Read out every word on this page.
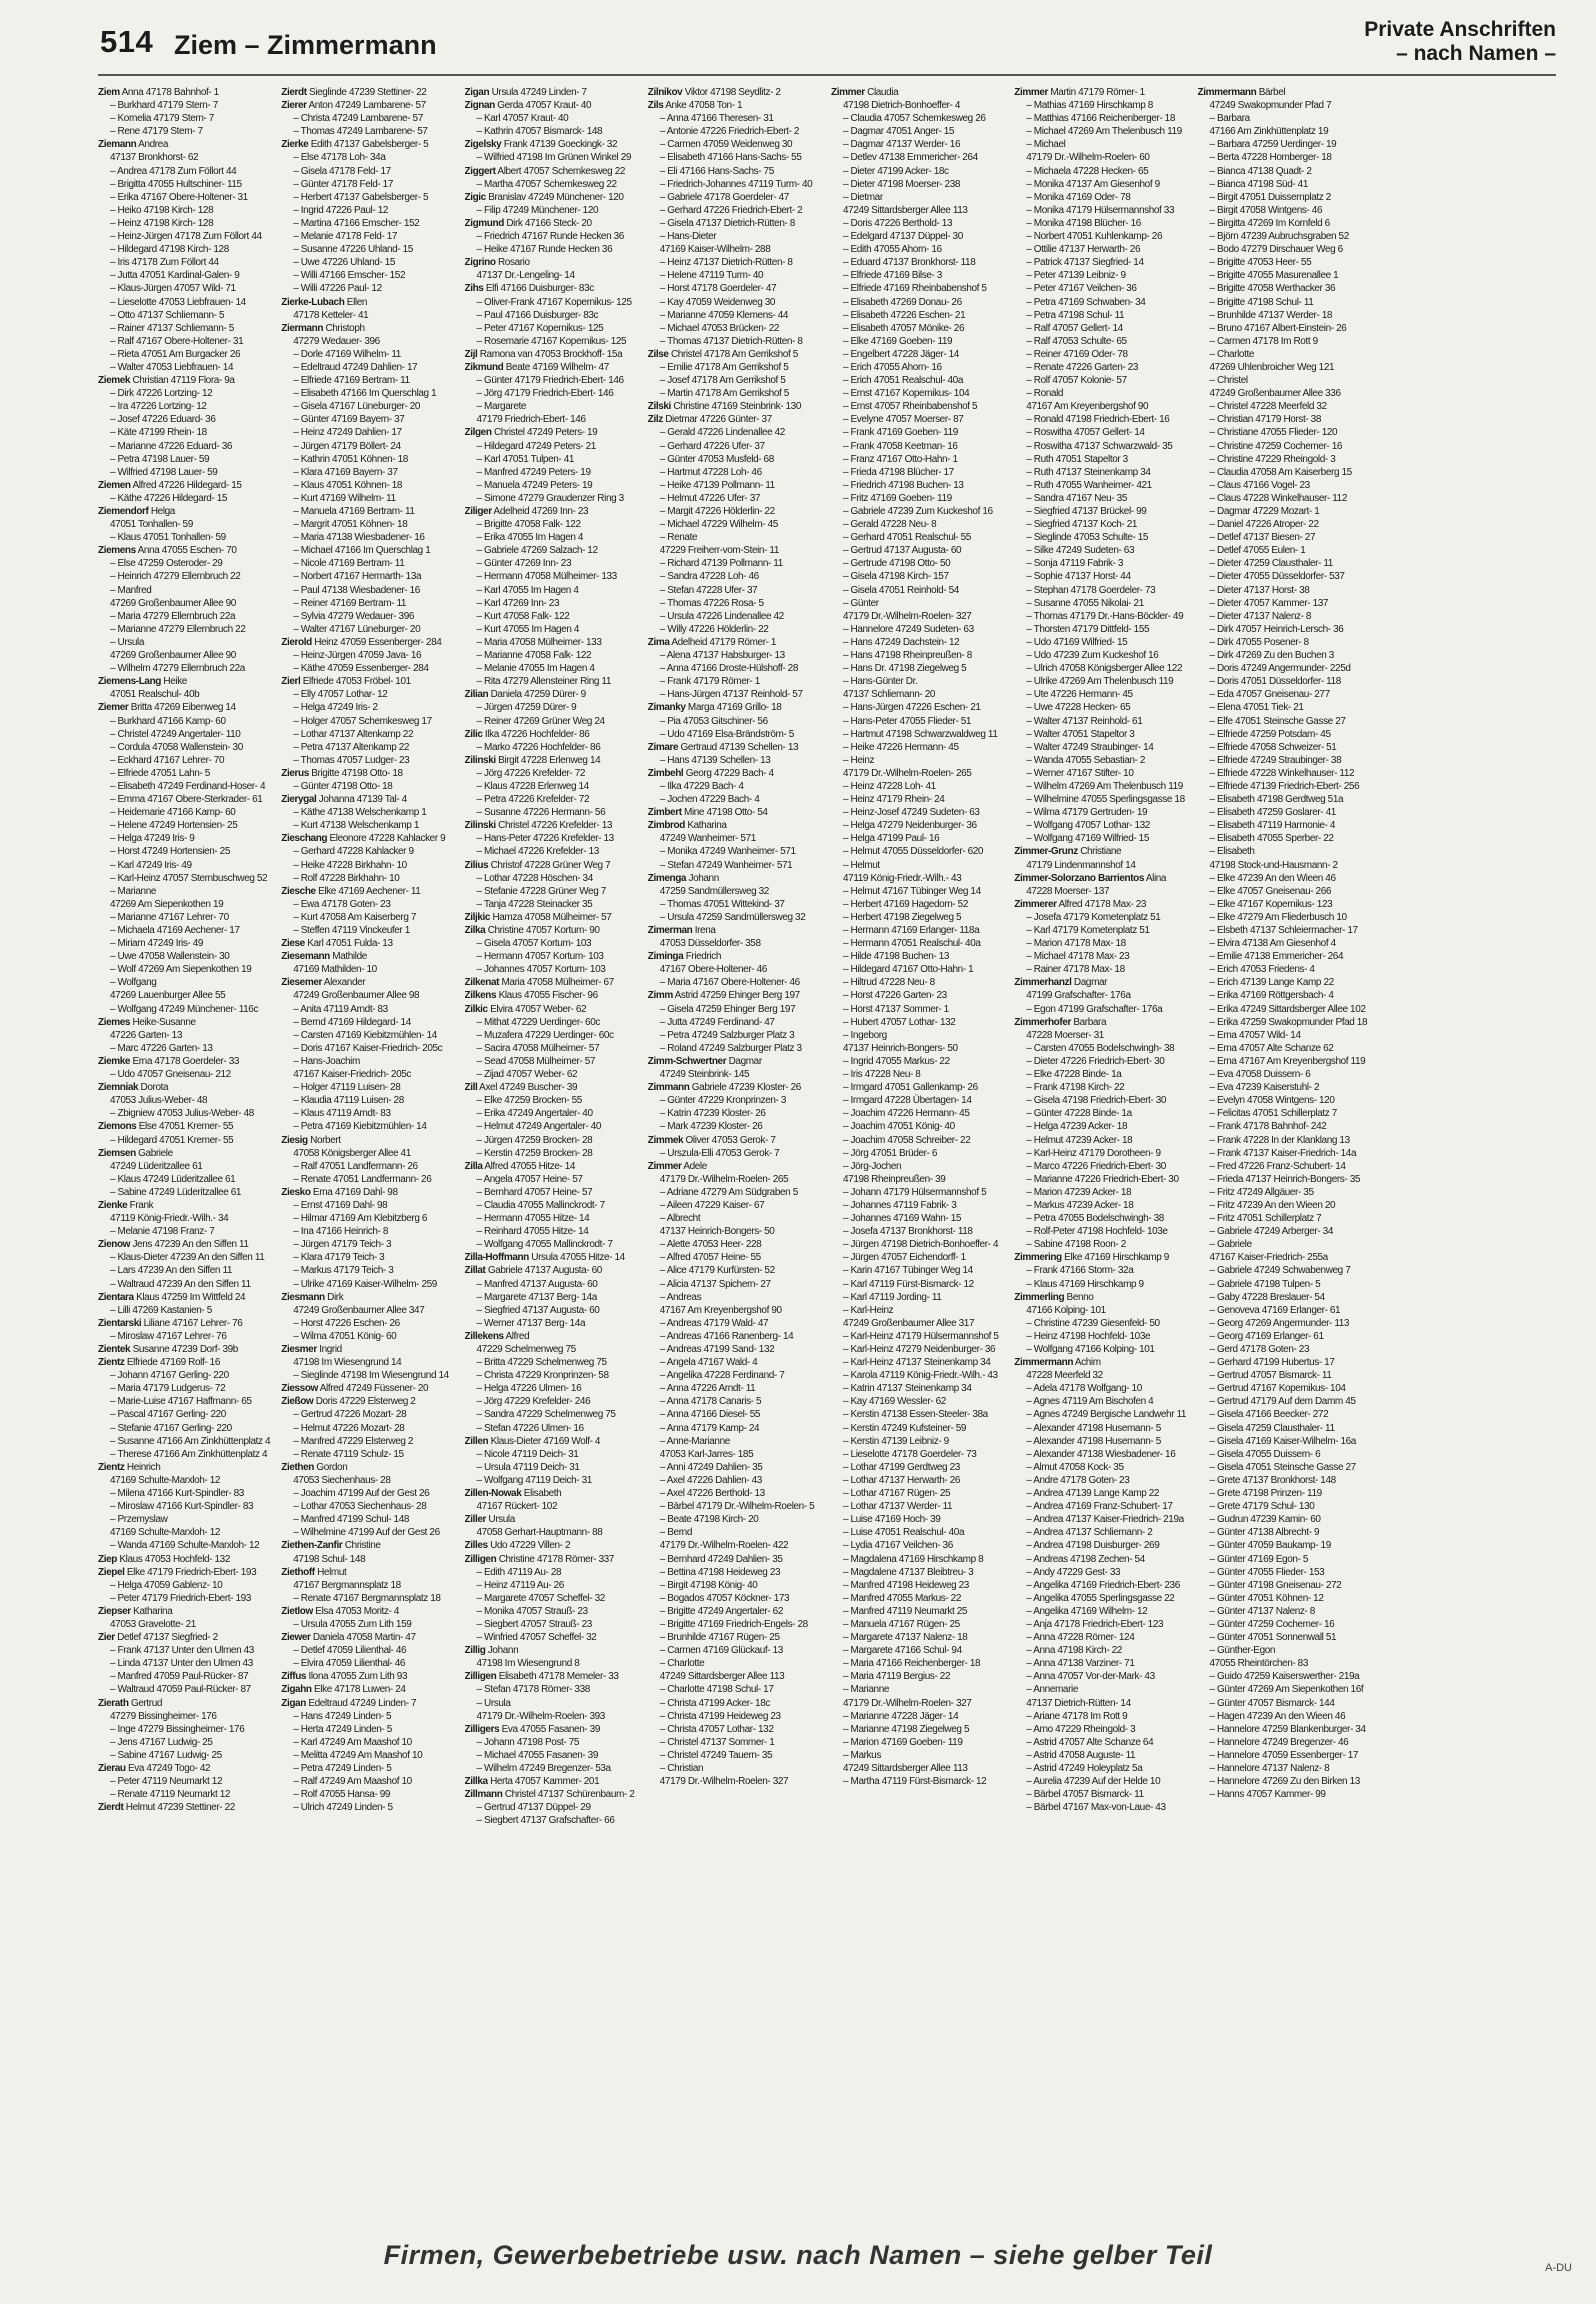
514 Ziem – Zimmermann
Private Anschriften
– nach Namen –
Ziem Anna 47178 Bahnhof- 1
– Burkhard 47179 Stern- 7
– Kornelia 47179 Stern- 7
– Rene 47179 Stern- 7
Ziemann Andrea
47137 Bronkhorst- 62
– Andrea 47178 Zum Föllort 44
– Brigitta 47055 Hultschiner- 115
– Erika 47167 Obere-Holtener- 31
– Heiko 47198 Kirch- 128
– Heinz 47198 Kirch- 128
– Heinz-Jürgen 47178 Zum Föllort 44
– Hildegard 47198 Kirch- 128
– Iris 47178 Zum Föllort 44
– Jutta 47051 Kardinal-Galen- 9
– Klaus-Jürgen 47057 Wild- 71
– Lieselotte 47053 Liebfrauen- 14
– Otto 47137 Schliemann- 5
– Rainer 47137 Schliemann- 5
– Ralf 47167 Obere-Holtener- 31
– Rieta 47051 Am Burgacker 26
– Walter 47053 Liebfrauen- 14
Ziemek Christian 47119 Flora- 9a
– Dirk 47226 Lortzing- 12
– Ira 47226 Lortzing- 12
– Josef 47226 Eduard- 36
– Käte 47199 Rhein- 18
– Marianne 47226 Eduard- 36
– Petra 47198 Lauer- 59
– Wilfried 47198 Lauer- 59
Ziemen Alfred 47226 Hildegard- 15
– Käthe 47226 Hildegard- 15
Ziemendorf Helga
47051 Tonhallen- 59
– Klaus 47051 Tonhallen- 59
Ziemens Anna 47055 Eschen- 70
– Else 47259 Osteroder- 29
– Heinrich 47279 Ellernbruch 22
– Manfred
47269 Großenbaumer Allee 90
– Maria 47279 Ellernbruch 22a
– Marianne 47279 Ellernbruch 22
– Ursula
47269 Großenbaumer Allee 90
– Wilhelm 47279 Ellernbruch 22a
Ziemens-Lang Heike
47051 Realschul- 40b
Ziemer Britta 47269 Eibenweg 14
– Burkhard 47166 Kamp- 60
– Christel 47249 Angertaler- 110
– Cordula 47058 Wallenstein- 30
– Eckhard 47167 Lehrer- 70
– Elfriede 47051 Lahn- 5
– Elisabeth 47249 Ferdinand-Hoser- 4
– Emma 47167 Obere-Sterkrader- 61
– Heidemarie 47166 Kamp- 60
– Helene 47249 Hortensien- 25
– Helga 47249 Iris- 9
– Horst 47249 Hortensien- 25
– Karl 47249 Iris- 49
– Karl-Heinz 47057 Sternbuschweg 52
– Marianne
47269 Am Siepenkothen 19
– Marianne 47167 Lehrer- 70
– Michaela 47169 Aechener- 17
– Miriam 47249 Iris- 49
– Uwe 47058 Wallenstein- 30
– Wolf 47269 Am Siepenkothen 19
– Wolfgang
47269 Lauenburger Allee 55
– Wolfgang 47249 Münchener- 116c
Ziemes Heike-Susanne
47226 Garten- 13
– Marc 47226 Garten- 13
Ziemke Erna 47178 Goerdeler- 33
– Udo 47057 Gneisenau- 212
Ziemniak Dorota
47053 Julius-Weber- 48
– Zbigniew 47053 Julius-Weber- 48
Ziemons Else 47051 Kremer- 55
– Hildegard 47051 Kremer- 55
Ziemsen Gabriele
47249 Lüderitzallee 61
– Klaus 47249 Lüderitzallee 61
– Sabine 47249 Lüderitzallee 61
Zienke Frank
47119 König-Friedr.-Wilh.- 34
– Melanie 47198 Franz- 7
Zienow Jens 47239 An den Siffen 11
– Klaus-Dieter 47239 An den Siffen 11
– Lars 47239 An den Siffen 11
– Waltraud 47239 An den Siffen 11
Zientara Klaus 47259 Im Wittfeld 24
– Lilli 47269 Kastanien- 5
Zientarski Liliane 47167 Lehrer- 76
– Miroslaw 47167 Lehrer- 76
Zientek Susanne 47239 Dorf- 39b
Zientz Elfriede 47169 Rolf- 16
– Johann 47167 Gerling- 220
– Maria 47179 Ludgerus- 72
– Marie-Luise 47167 Haffmann- 65
– Pascal 47167 Gerling- 220
– Stefanie 47167 Gerling- 220
– Susanne 47166 Am Zinkhüttenplatz 4
– Therese 47166 Am Zinkhüttenplatz 4
Zientz Heinrich
47169 Schulte-Marxloh- 12
– Milena 47166 Kurt-Spindler- 83
– Miroslaw 47166 Kurt-Spindler- 83
– Przemyslaw
47169 Schulte-Marxloh- 12
– Wanda 47169 Schulte-Marxloh- 12
Ziep Klaus 47053 Hochfeld- 132
Ziepel Elke 47179 Friedrich-Ebert- 193
– Helga 47059 Gablenz- 10
– Peter 47179 Friedrich-Ebert- 193
Ziepser Katharina
47053 Gravelotte- 21
Zier Detlef 47137 Siegfried- 2
– Frank 47137 Unter den Ulmen 43
– Linda 47137 Unter den Ulmen 43
– Manfred 47059 Paul-Rücker- 87
– Waltraud 47059 Paul-Rücker- 87
Zierath Gertrud
47279 Bissingheimer- 176
– Inge 47279 Bissingheimer- 176
– Jens 47167 Ludwig- 25
– Sabine 47167 Ludwig- 25
Zierau Eva 47249 Togo- 42
– Peter 47119 Neumarkt 12
– Renate 47119 Neumarkt 12
Zierdt Helmut 47239 Stettiner- 22
Zierdt Sieglinde 47239 Stettiner- 22
Zierer Anton 47249 Lambarene- 57
– Christa 47249 Lambarene- 57
– Thomas 47249 Lambarene- 57
Zierke Edith 47137 Gabelsberger- 5
– Else 47178 Loh- 34a
– Gisela 47178 Feld- 17
– Günter 47178 Feld- 17
– Herbert 47137 Gabelsberger- 5
– Ingrid 47226 Paul- 12
– Martina 47166 Emscher- 152
– Melanie 47178 Feld- 17
– Susanne 47226 Uhland- 15
– Uwe 47226 Uhland- 15
– Willi 47166 Emscher- 152
– Willi 47226 Paul- 12
Zierke-Lubach Ellen
47178 Ketteler- 41
Ziermann Christoph
47279 Wedauer- 396
– Dorle 47169 Wilhelm- 11
– Edeltraud 47249 Dahlien- 17
– Elfriede 47169 Bertram- 11
– Elisabeth 47166 Im Querschlag 1
– Gisela 47167 Lüneburger- 20
– Günter 47169 Bayern- 37
– Heinz 47249 Dahlien- 17
– Jürgen 47179 Böllert- 24
– Kathrin 47051 Köhnen- 18
– Klara 47169 Bayern- 37
– Klaus 47051 Köhnen- 18
– Kurt 47169 Wilhelm- 11
– Manuela 47169 Bertram- 11
– Margrit 47051 Köhnen- 18
– Maria 47138 Wiesbadener- 16
– Michael 47166 Im Querschlag 1
– Nicole 47169 Bertram- 11
– Norbert 47167 Hermarth- 13a
– Paul 47138 Wiesbadener- 16
– Reiner 47169 Bertram- 11
– Sylvia 47279 Wedauer- 396
– Walter 47167 Lüneburger- 20
Zierold Heinz 47059 Essenberger- 284
– Heinz-Jürgen 47059 Java- 16
– Käthe 47059 Essenberger- 284
Zierl Elfriede 47053 Fröbel- 101
– Elly 47057 Lothar- 12
– Helga 47249 Iris- 2
– Holger 47057 Schemkesweg 17
– Lothar 47137 Altenkamp 22
– Petra 47137 Altenkamp 22
– Thomas 47057 Ludger- 23
Zierus Brigitte 47198 Otto- 18
– Günter 47198 Otto- 18
Zierygal Johanna 47139 Tal- 4
– Käthe 47138 Welschenkamp 1
– Kurt 47138 Welschenkamp 1
Zieschang Eleonore 47228 Kahlacker 9
– Gerhard 47228 Kahlacker 9
– Heike 47228 Birkhahn- 10
– Rolf 47228 Birkhahn- 10
Ziesche Elke 47169 Aechener- 11
– Ewa 47178 Goten- 23
– Kurt 47058 Am Kaiserberg 7
– Steffen 47119 Vinckeufer 1
Ziese Karl 47051 Fulda- 13
Ziesemann Mathilde
47169 Mathilden- 10
Ziesemer Alexander
47249 Großenbaumer Allee 98
– Anita 47119 Arndt- 83
– Bernd 47169 Hildegard- 14
– Carsten 47169 Kiebitzmühlen- 14
– Doris 47167 Kaiser-Friedrich- 205c
– Hans-Joachim
47167 Kaiser-Friedrich- 205c
– Holger 47119 Luisen- 28
– Klaudia 47119 Luisen- 28
– Klaus 47119 Arndt- 83
– Petra 47169 Kiebitzmühlen- 14
Ziesig Norbert
47058 Königsberger Allee 41
– Ralf 47051 Landfermann- 26
– Renate 47051 Landfermann- 26
Ziesko Erna 47169 Dahl- 98
– Ernst 47169 Dahl- 98
– Hilmar 47169 Am Klebitzberg 6
– Ina 47166 Heinrich- 8
– Jürgen 47179 Teich- 3
– Klara 47179 Teich- 3
– Markus 47179 Teich- 3
– Ulrike 47169 Kaiser-Wilhelm- 259
Ziesmann Dirk
47249 Großenbaumer Allee 347
– Horst 47226 Eschen- 26
– Wilma 47051 König- 60
Ziesmer Ingrid
47198 Im Wiesengrund 14
– Sieglinde 47198 Im Wiesengrund 14
Ziessow Alfred 47249 Füssener- 20
Zießow Doris 47229 Elsterweg 2
– Gertrud 47226 Mozart- 28
– Helmut 47226 Mozart- 28
– Manfred 47229 Elsterweg 2
– Renate 47119 Schulz- 15
Ziethen Gordon
47053 Siechenhaus- 28
– Joachim 47199 Auf der Gest 26
– Lothar 47053 Siechenhaus- 28
– Manfred 47199 Schul- 148
– Wilhelmine 47199 Auf der Gest 26
Ziethen-Zanfir Christine
47198 Schul- 148
Ziethoff Helmut
47167 Bergmannsplatz 18
– Renate 47167 Bergmannsplatz 18
Zietlow Elsa 47053 Moritz- 4
– Ursula 47055 Zum Lith 159
Ziewer Daniela 47058 Martin- 47
– Detlef 47059 Lilienthal- 46
– Elvira 47059 Lilienthal- 46
Ziffus Ilona 47055 Zum Lith 93
Zigahn Elke 47178 Luwen- 24
Zigan Edeltraud 47249 Linden- 7
– Hans 47249 Linden- 5
– Herta 47249 Linden- 5
– Karl 47249 Am Maashof 10
– Melitta 47249 Am Maashof 10
– Petra 47249 Linden- 5
– Ralf 47249 Am Maashof 10
– Rolf 47055 Hansa- 99
– Ulrich 47249 Linden- 5
Zigan Ursula 47249 Linden- 7
Zignan Gerda 47057 Kraut- 40
– Karl 47057 Kraut- 40
– Kathrin 47057 Bismarck- 148
Zigelsky Frank 47139 Goeckingk- 32
– Wilfried 47198 Im Grünen Winkel 29
Ziggert Albert 47057 Schemkesweg 22
– Martha 47057 Schemkesweg 22
Zigic Branislav 47249 Münchener- 120
– Filip 47249 Münchener- 120
Zigmund Dirk 47166 Steck- 20
– Friedrich 47167 Runde Hecken 36
– Heike 47167 Runde Hecken 36
Zigrino Rosario
47137 Dr.-Lengeling- 14
Zihs Elfi 47166 Duisburger- 83c
– Oliver-Frank 47167 Kopernikus- 125
– Paul 47166 Duisburger- 83c
– Peter 47167 Kopernikus- 125
– Rosemarie 47167 Kopernikus- 125
Zijl Ramona van 47053 Brockhoff- 15a
Zikmund Beate 47169 Wilhelm- 47
– Günter 47179 Friedrich-Ebert- 146
– Jörg 47179 Friedrich-Ebert- 146
– Margarete
47179 Friedrich-Ebert- 146
Zilgen Christel 47249 Peters- 19
– Hildegard 47249 Peters- 21
– Karl 47051 Tulpen- 41
– Manfred 47249 Peters- 19
– Manuela 47249 Peters- 19
– Simone 47279 Graudenzer Ring 3
Ziliger Adelheid 47269 Inn- 23
– Brigitte 47058 Falk- 122
– Erika 47055 Im Hagen 4
– Gabriele 47269 Salzach- 12
– Günter 47269 Inn- 23
– Hermann 47058 Mülheimer- 133
– Karl 47055 Im Hagen 4
– Karl 47269 Inn- 23
– Kurt 47058 Falk- 122
– Kurt 47055 Im Hagen 4
– Maria 47058 Mülheimer- 133
– Marianne 47058 Falk- 122
– Melanie 47055 Im Hagen 4
– Rita 47279 Allensteiner Ring 11
Zilian Daniela 47259 Dürer- 9
– Jürgen 47259 Dürer- 9
– Reiner 47269 Grüner Weg 24
Zilic Ilka 47226 Hochfelder- 86
– Marko 47226 Hochfelder- 86
Zilinski Birgit 47228 Erlenweg 14
– Jörg 47226 Krefelder- 72
– Klaus 47228 Erlenweg 14
– Petra 47226 Krefelder- 72
– Susanne 47226 Hermann- 56
Zilinski Christel 47226 Krefelder- 13
– Hans-Peter 47226 Krefelder- 13
– Michael 47226 Krefelder- 13
Zilius Christof 47228 Grüner Weg 7
– Lothar 47228 Höschen- 34
– Stefanie 47228 Grüner Weg 7
– Tanja 47228 Steinacker 35
Ziljkic Hamza 47058 Mülheimer- 57
Zilka Christine 47057 Kortum- 90
– Gisela 47057 Kortum- 103
– Hermann 47057 Kortum- 103
– Johannes 47057 Kortum- 103
Zilkenat Maria 47058 Mülheimer- 67
Zilkens Klaus 47055 Fischer- 96
Zilkic Elvira 47057 Weber- 62
– Mithat 47229 Uerdinger- 60c
– Muzafera 47229 Uerdinger- 60c
– Sacira 47058 Mülheimer- 57
– Sead 47058 Mülheimer- 57
– Zijad 47057 Weber- 62
Zill Axel 47249 Buscher- 39
– Elke 47259 Brocken- 55
– Erika 47249 Angertaler- 40
– Helmut 47249 Angertaler- 40
– Jürgen 47259 Brocken- 28
– Kerstin 47259 Brocken- 28
Zilla Alfred 47055 Hitze- 14
– Angela 47057 Heine- 57
– Bernhard 47057 Heine- 57
– Claudia 47055 Mallinckrodt- 7
– Hermann 47055 Hitze- 14
– Reinhard 47055 Hitze- 14
– Wolfgang 47055 Mallinckrodt- 7
Zilla-Hoffmann Ursula 47055 Hitze- 14
Zillat Gabriele 47137 Augusta- 60
– Manfred 47137 Augusta- 60
– Margarete 47137 Berg- 14a
– Siegfried 47137 Augusta- 60
– Werner 47137 Berg- 14a
Zillekens Alfred
47229 Schelmenweg 75
– Britta 47229 Schelmenweg 75
– Christa 47229 Kronprinzen- 58
– Helga 47226 Ulmen- 16
– Jörg 47229 Krefelder- 246
– Sandra 47229 Schelmenweg 75
– Stefan 47226 Ulmen- 16
Zillen Klaus-Dieter 47169 Wolf- 4
– Nicole 47119 Deich- 31
– Ursula 47119 Deich- 31
– Wolfgang 47119 Deich- 31
Zillen-Nowak Elisabeth
47167 Rückert- 102
Ziller Ursula
47058 Gerhart-Hauptmann- 88
Zilles Udo 47229 Villen- 2
Zilligen Christine 47178 Römer- 337
– Edith 47119 Au- 28
– Heinz 47119 Au- 26
– Margarete 47057 Scheffel- 32
– Monika 47057 Strauß- 23
– Siegbert 47057 Strauß- 23
– Winfried 47057 Scheffel- 32
Zillig Johann
47198 Im Wiesengrund 8
Zilligen Elisabeth 47178 Memeler- 33
– Stefan 47178 Römer- 338
– Ursula
47179 Dr.-Wilhelm-Roelen- 393
Zilligers Eva 47055 Fasanen- 39
– Johann 47198 Post- 75
– Michael 47055 Fasanen- 39
– Wilhelm 47249 Bregenzer- 53a
Zillka Herta 47057 Kammer- 201
Zillmann Christel 47137 Schürenbaum- 2
– Gertrud 47137 Düppel- 29
– Siegbert 47137 Grafschafter- 66
Zilnikov Viktor 47198 Seydlitz- 2
Zils Anke 47058 Ton- 1
– Anna 47166 Theresen- 31
– Antonie 47226 Friedrich-Ebert- 2
– Carmen 47059 Weidenweg 30
– Elisabeth 47166 Hans-Sachs- 55
– Eli 47166 Hans-Sachs- 75
– Friedrich-Johannes 47119 Turm- 40
– Gabriele 47178 Goerdeler- 47
– Gerhard 47226 Friedrich-Ebert- 2
– Gisela 47137 Dietrich-Rütten- 8
– Hans-Dieter
47169 Kaiser-Wilhelm- 288
– Heinz 47137 Dietrich-Rütten- 8
– Helene 47119 Turm- 40
– Horst 47178 Goerdeler- 47
– Kay 47059 Weidenweg 30
– Marianne 47059 Klemens- 44
– Michael 47053 Brücken- 22
– Thomas 47137 Dietrich-Rütten- 8
Zilse Christel 47178 Am Gerrikshof 5
– Emilie 47178 Am Gerrikshof 5
– Josef 47178 Am Gerrikshof 5
– Martin 47178 Am Gerrikshof 5
Zilski Christine 47169 Steinbrink- 130
Zilz Dietmar 47226 Günter- 37
– Gerald 47226 Lindenallee 42
– Gerhard 47226 Ufer- 37
– Günter 47053 Musfeld- 68
– Hartmut 47228 Loh- 46
– Heike 47139 Pollmann- 11
– Helmut 47226 Ufer- 37
– Margit 47226 Hölderlin- 22
– Michael 47229 Wilhelm- 45
– Renate
47229 Freiherr-vom-Stein- 11
– Richard 47139 Pollmann- 11
– Sandra 47228 Loh- 46
– Stefan 47228 Ufer- 37
– Thomas 47226 Rosa- 5
– Ursula 47226 Lindenallee 42
– Willy 47226 Hölderlin- 22
Zima Adelheid 47179 Römer- 1
– Alena 47137 Habsburger- 13
– Anna 47166 Droste-Hülshoff- 28
– Frank 47179 Römer- 1
– Hans-Jürgen 47137 Reinhold- 57
Zimanky Marga 47169 Grillo- 18
– Pia 47053 Gitschiner- 56
– Udo 47169 Elsa-Brändström- 5
Zimare Gertraud 47139 Schellen- 13
– Hans 47139 Schellen- 13
Zimbehl Georg 47229 Bach- 4
– Ilka 47229 Bach- 4
– Jochen 47229 Bach- 4
Zimbert Mine 47198 Otto- 54
Zimbrod Katharina
47249 Wanheimer- 571
– Monika 47249 Wanheimer- 571
– Stefan 47249 Wanheimer- 571
Zimenga Johann
47259 Sandmüllersweg 32
– Thomas 47051 Wittekind- 37
– Ursula 47259 Sandmüllersweg 32
Zimerman Irena
47053 Düsseldorfer- 358
Ziminga Friedrich
47167 Obere-Holtener- 46
– Maria 47167 Obere-Holtener- 46
Zimm Astrid 47259 Ehinger Berg 197
– Gisela 47259 Ehinger Berg 197
– Jutta 47249 Ferdinand- 47
– Petra 47249 Salzburger Platz 3
– Roland 47249 Salzburger Platz 3
Zimm-Schwertner Dagmar
47249 Steinbrink- 145
Zimmann Gabriele 47239 Kloster- 26
– Günter 47229 Kronprinzen- 3
– Katrin 47239 Kloster- 26
– Mark 47239 Kloster- 26
Zimmek Oliver 47053 Gerok- 7
– Urszula-Elli 47053 Gerok- 7
Zimmer Adele
47179 Dr.-Wilhelm-Roelen- 265
– Adriane 47279 Am Südgraben 5
– Aileen 47229 Kaiser- 67
– Albrecht
47137 Heinrich-Bongers- 50
– Alette 47053 Heer- 228
– Alfred 47057 Heine- 55
– Alice 47179 Kurfürsten- 52
– Alicia 47137 Spichern- 27
– Andreas
47167 Am Kreyenbergshof 90
– Andreas 47179 Wald- 47
– Andreas 47166 Ranenberg- 14
– Andreas 47199 Sand- 132
– Angela 47167 Wald- 4
– Angelika 47228 Ferdinand- 7
– Anna 47226 Arndt- 11
– Anna 47178 Canaris- 5
– Anna 47166 Diesel- 55
– Anna 47179 Kamp- 24
– Anne-Marianne
47053 Karl-Jarres- 185
– Anni 47249 Dahlien- 35
– Axel 47226 Dahlien- 43
– Axel 47226 Berthold- 13
– Bärbel 47179 Dr.-Wilhelm-Roelen- 5
– Beate 47198 Kirch- 20
– Bernd
47179 Dr.-Wilhelm-Roelen- 422
– Bernhard 47249 Dahlien- 35
– Bettina 47198 Heideweg 23
– Birgit 47198 König- 40
– Bogados 47057 Köckner- 173
– Brigitte 47249 Angertaler- 62
– Brigitte 47169 Friedrich-Engels- 28
– Brunhilde 47167 Rügen- 25
– Carmen 47169 Glückauf- 13
– Charlotte
47249 Sittardsberger Allee 113
– Charlotte 47198 Schul- 17
– Christa 47199 Acker- 18c
– Christa 47199 Heideweg 23
– Christa 47057 Lothar- 132
– Christel 47137 Sommer- 1
– Christel 47249 Tauern- 35
– Christian
47179 Dr.-Wilhelm-Roelen- 327
Zimmer Claudia
47198 Dietrich-Bonhoeffer- 4
– Claudia 47057 Schemkesweg 26
– Dagmar 47051 Anger- 15
– Dagmar 47137 Werder- 16
– Detlev 47138 Emmericher- 264
– Dieter 47199 Acker- 18c
– Dieter 47198 Moerser- 238
– Dietmar
47249 Sittardsberger Allee 113
– Doris 47226 Berthold- 13
– Edelgard 47137 Düppel- 30
– Edith 47055 Ahorn- 16
– Eduard 47137 Bronkhorst- 118
– Elfriede 47169 Bilse- 3
– Elfriede 47169 Rheinbabenshof 5
– Elisabeth 47269 Donau- 26
– Elisabeth 47226 Eschen- 21
– Elisabeth 47057 Mönike- 26
– Elke 47169 Goeben- 119
– Engelbert 47228 Jäger- 14
– Erich 47055 Ahorn- 16
– Erich 47051 Realschul- 40a
– Ernst 47167 Kopernikus- 104
– Ernst 47057 Rheinbabenshof 5
– Evelyne 47057 Moerser- 87
– Frank 47169 Goeben- 119
– Frank 47058 Keetman- 16
– Franz 47167 Otto-Hahn- 1
– Frieda 47198 Blücher- 17
– Friedrich 47198 Buchen- 13
– Fritz 47169 Goeben- 119
– Gabriele 47239 Zum Kuckeshof 16
– Gerald 47228 Neu- 8
– Gerhard 47051 Realschul- 55
– Gertrud 47137 Augusta- 60
– Gertrude 47198 Otto- 50
– Gisela 47198 Kirch- 157
– Gisela 47051 Reinhold- 54
– Günter
47179 Dr.-Wilhelm-Roelen- 327
– Hannelore 47249 Sudeten- 63
– Hans 47249 Dachstein- 12
– Hans 47198 Rheinpreußen- 8
– Hans Dr. 47198 Ziegelweg 5
– Hans-Günter Dr.
47137 Schliemann- 20
– Hans-Jürgen 47226 Eschen- 21
– Hans-Peter 47055 Flieder- 51
– Hartmut 47198 Schwarzwaldweg 11
– Heike 47226 Hermann- 45
– Heinz
47179 Dr.-Wilhelm-Roelen- 265
– Heinz 47228 Loh- 41
– Heinz 47179 Rhein- 24
– Heinz-Josef 47249 Sudeten- 63
– Helga 47279 Neidenburger- 36
– Helga 47199 Paul- 16
– Helmut 47055 Düsseldorfer- 620
– Helmut
47119 König-Friedr.-Wilh.- 43
– Helmut 47167 Tübinger Weg 14
– Herbert 47169 Hagedorn- 52
– Herbert 47198 Ziegelweg 5
– Hermann 47169 Erlanger- 118a
– Hermann 47051 Realschul- 40a
– Hilde 47198 Buchen- 13
– Hildegard 47167 Otto-Hahn- 1
– Hiltrud 47228 Neu- 8
– Horst 47226 Garten- 23
– Horst 47137 Sommer- 1
– Hubert 47057 Lothar- 132
– Ingeborg
47137 Heinrich-Bongers- 50
– Ingrid 47055 Markus- 22
– Iris 47228 Neu- 8
– Irmgard 47051 Gallenkamp- 26
– Irmgard 47228 Übertagen- 14
– Joachim 47226 Hermann- 45
– Joachim 47051 König- 40
– Joachim 47058 Schreiber- 22
– Jörg 47051 Brüder- 6
– Jörg-Jochen
47198 Rheinpreußen- 39
– Johann 47179 Hülsermannshof 5
– Johannes 47119 Fabrik- 3
– Johannes 47169 Wahn- 15
– Josefa 47137 Bronkhorst- 118
– Jürgen 47198 Dietrich-Bonhoeffer- 4
– Jürgen 47057 Eichendorff- 1
– Karin 47167 Tübinger Weg 14
– Karl 47119 Fürst-Bismarck- 12
– Karl 47119 Jording- 11
– Karl-Heinz
47249 Großenbaumer Allee 317
– Karl-Heinz 47179 Hülsermannshof 5
– Karl-Heinz 47279 Neidenburger- 36
– Karl-Heinz 47137 Steinenkamp 34
– Karola 47119 König-Friedr.-Wilh.- 43
– Katrin 47137 Steinenkamp 34
– Kay 47169 Wessler- 62
– Kerstin 47138 Essen-Steeler- 38a
– Kerstin 47249 Kufsteiner- 59
– Kerstin 47139 Leibniz- 9
– Lieselotte 47178 Goerdeler- 73
– Lothar 47199 Gerdtweg 23
– Lothar 47137 Herwarth- 26
– Lothar 47167 Rügen- 25
– Lothar 47137 Werder- 11
– Luise 47169 Hoch- 39
– Luise 47051 Realschul- 40a
– Lydia 47167 Veilchen- 36
– Magdalena 47169 Hirschkamp 8
– Magdalene 47137 Bleibtreu- 3
– Manfred 47198 Heideweg 23
– Manfred 47055 Markus- 22
– Manfred 47119 Neumarkt 25
– Manuela 47167 Rügen- 25
– Margarete 47137 Nalenz- 18
– Margarete 47166 Schul- 94
– Maria 47166 Reichenberger- 18
– Maria 47119 Bergius- 22
– Marianne
47179 Dr.-Wilhelm-Roelen- 327
– Marianne 47228 Jäger- 14
– Marianne 47198 Ziegelweg 5
– Marion 47169 Goeben- 119
– Markus
47249 Sittardsberger Allee 113
– Martha 47119 Fürst-Bismarck- 12
Zimmer Martin 47179 Römer- 1
– Mathias 47169 Hirschkamp 8
– Matthias 47166 Reichenberger- 18
– Michael 47269 Am Thelenbusch 119
– Michael
47179 Dr.-Wilhelm-Roelen- 60
– Michaela 47228 Hecken- 65
– Monika 47137 Am Giesenhof 9
– Monika 47169 Oder- 78
– Monika 47179 Hülsermannshof 33
– Monika 47198 Blücher- 16
– Norbert 47051 Kuhlenkamp- 26
– Ottilie 47137 Herwarth- 26
– Patrick 47137 Siegfried- 14
– Peter 47139 Leibniz- 9
– Peter 47167 Veilchen- 36
– Petra 47169 Schwaben- 34
– Petra 47198 Schul- 11
– Ralf 47057 Gellert- 14
– Ralf 47053 Schulte- 65
– Reiner 47169 Oder- 78
– Renate 47226 Garten- 23
– Rolf 47057 Kolonie- 57
– Ronald
47167 Am Kreyenbergshof 90
– Ronald 47198 Friedrich-Ebert- 16
– Roswitha 47057 Gellert- 14
– Roswitha 47137 Schwarzwald- 35
– Ruth 47051 Stapeltor 3
– Ruth 47137 Steinenkamp 34
– Ruth 47055 Wanheimer- 421
– Sandra 47167 Neu- 35
– Siegfried 47137 Brückel- 99
– Siegfried 47137 Koch- 21
– Sieglinde 47053 Schulte- 15
– Silke 47249 Sudeten- 63
– Sonja 47119 Fabrik- 3
– Sophie 47137 Horst- 44
– Stephan 47178 Goerdeler- 73
– Susanne 47055 Nikolai- 21
– Thomas 47179 Dr.-Hans-Böckler- 49
– Thorsten 47179 Dittfeld- 155
– Udo 47169 Wilfried- 15
– Udo 47239 Zum Kuckeshof 16
– Ulrich 47058 Königsberger Allee 122
– Ulrike 47269 Am Thelenbusch 119
– Ute 47226 Hermann- 45
– Uwe 47228 Hecken- 65
– Walter 47137 Reinhold- 61
– Walter 47051 Stapeltor 3
– Walter 47249 Straubinger- 14
– Wanda 47055 Sebastian- 2
– Werner 47167 Stifter- 10
– Wilhelm 47269 Am Thelenbusch 119
– Wilhelmine 47055 Sperlingsgasse 18
– Wilma 47179 Gertruden- 19
– Wolfgang 47057 Lothar- 132
– Wolfgang 47169 Wilfried- 15
Zimmer-Grunz Christiane
47179 Lindenmannshof 14
Zimmer-Solorzano Barrientos Alina
47228 Moerser- 137
Zimmerer Alfred 47178 Max- 23
– Josefa 47179 Kometenplatz 51
– Karl 47179 Kometenplatz 51
– Marion 47178 Max- 18
– Michael 47178 Max- 23
– Rainer 47178 Max- 18
Zimmerhanzl Dagmar
47199 Grafschafter- 176a
– Egon 47199 Grafschafter- 176a
Zimmerhofer Barbara
47228 Moerser- 31
– Carsten 47055 Bodelschwingh- 38
– Dieter 47226 Friedrich-Ebert- 30
– Elke 47228 Binde- 1a
– Frank 47198 Kirch- 22
– Gisela 47198 Friedrich-Ebert- 30
– Günter 47228 Binde- 1a
– Helga 47239 Acker- 18
– Helmut 47239 Acker- 18
– Karl-Heinz 47179 Dorotheen- 9
– Marco 47226 Friedrich-Ebert- 30
– Marianne 47226 Friedrich-Ebert- 30
– Marion 47239 Acker- 18
– Markus 47239 Acker- 18
– Petra 47055 Bodelschwingh- 38
– Rolf-Peter 47198 Hochfeld- 103e
– Sabine 47198 Roon- 2
Zimmering Elke 47169 Hirschkamp 9
– Frank 47166 Storm- 32a
– Klaus 47169 Hirschkamp 9
Zimmerling Benno
47166 Kolping- 101
– Christine 47239 Giesenfeld- 50
– Heinz 47198 Hochfeld- 103e
– Wolfgang 47166 Kolping- 101
Zimmermann Achim
47228 Meerfeld 32
– Adela 47178 Wolfgang- 10
– Agnes 47119 Am Bischofen 4
– Agnes 47249 Bergische Landwehr 11
– Alexander 47198 Husemann- 5
– Alexander 47198 Husemann- 5
– Alexander 47138 Wiesbadener- 16
– Almut 47058 Kock- 35
– Andre 47178 Goten- 23
– Andrea 47139 Lange Kamp 22
– Andrea 47169 Franz-Schubert- 17
– Andrea 47137 Kaiser-Friedrich- 219a
– Andrea 47137 Schliemann- 2
– Andrea 47198 Duisburger- 269
– Andreas 47198 Zechen- 54
– Andy 47229 Gest- 33
– Angelika 47169 Friedrich-Ebert- 236
– Angelika 47055 Sperlingsgasse 22
– Angelika 47169 Wilhelm- 12
– Anja 47178 Friedrich-Ebert- 123
– Anna 47228 Römer- 124
– Anna 47198 Kirch- 22
– Anna 47138 Varziner- 71
– Anna 47057 Vor-der-Mark- 43
– Annemarie
47137 Dietrich-Rütten- 14
– Ariane 47178 Im Rott 9
– Arno 47229 Rheingold- 3
– Astrid 47057 Alte Schanze 64
– Astrid 47058 Auguste- 11
– Astrid 47249 Holeyplatz 5a
– Aurelia 47239 Auf der Helde 10
– Bärbel 47057 Bismarck- 11
– Bärbel 47167 Max-von-Laue- 43
Zimmermann Bärbel
47249 Swakopmunder Pfad 7
– Barbara
47166 Am Zinkhüttenplatz 19
– Barbara 47259 Uerdinger- 19
– Berta 47228 Homberger- 18
– Bianca 47138 Quadt- 2
– Bianca 47198 Süd- 41
– Birgit 47051 Duissernplatz 2
– Birgit 47058 Wintgens- 46
– Birgitta 47269 Im Kornfeld 6
– Björn 47239 Aubruchsgraben 52
– Bodo 47279 Dirschauer Weg 6
– Brigitte 47053 Heer- 55
– Brigitte 47055 Masurenallee 1
– Brigitte 47058 Werthacker 36
– Brigitte 47198 Schul- 11
– Brunhilde 47137 Werder- 18
– Bruno 47167 Albert-Einstein- 26
– Carmen 47178 Im Rott 9
– Charlotte
47269 Uhlenbroicher Weg 121
– Christel
47249 Großenbaumer Allee 336
– Christel 47228 Meerfeld 32
– Christian 47179 Horst- 38
– Christiane 47055 Flieder- 120
– Christine 47259 Cochemer- 16
– Christine 47229 Rheingold- 3
– Claudia 47058 Am Kaiserberg 15
– Claus 47166 Vogel- 23
– Claus 47228 Winkelhauser- 112
– Dagmar 47229 Mozart- 1
– Daniel 47226 Atroper- 22
– Detlef 47137 Biesen- 27
– Detlef 47055 Eulen- 1
– Dieter 47259 Clausthaler- 11
– Dieter 47055 Düsseldorfer- 537
– Dieter 47137 Horst- 38
– Dieter 47057 Kammer- 137
– Dieter 47137 Nalenz- 8
– Dirk 47057 Heinrich-Lersch- 36
– Dirk 47055 Posener- 8
– Dirk 47269 Zu den Buchen 3
– Doris 47249 Angermunder- 225d
– Doris 47051 Düsseldorfer- 118
– Eda 47057 Gneisenau- 277
– Elena 47051 Tiek- 21
– Elfe 47051 Steinsche Gasse 27
– Elfriede 47259 Potsdam- 45
– Elfriede 47058 Schweizer- 51
– Elfriede 47249 Straubinger- 38
– Elfriede 47228 Winkelhauser- 112
– Elfriede 47139 Friedrich-Ebert- 256
– Elisabeth 47198 Gerdtweg 51a
– Elisabeth 47259 Goslarer- 41
– Elisabeth 47119 Harmonie- 4
– Elisabeth 47055 Sperber- 22
– Elisabeth
47198 Stock-und-Hausmann- 2
– Elke 47239 An den Wieen 46
– Elke 47057 Gneisenau- 266
– Elke 47167 Kopernikus- 123
– Elke 47279 Am Fliederbusch 10
– Elsbeth 47137 Schleiermacher- 17
– Elvira 47138 Am Giesenhof 4
– Emilie 47138 Emmericher- 264
– Erich 47053 Friedens- 4
– Erich 47139 Lange Kamp 22
– Erika 47169 Röttgersbach- 4
– Erika 47249 Sittardsberger Allee 102
– Erika 47259 Swakopmunder Pfad 18
– Erna 47057 Wild- 14
– Erna 47057 Alte Schanze 62
– Erna 47167 Am Kreyenbergshof 119
– Eva 47058 Duissern- 6
– Eva 47239 Kaiserstuhl- 2
– Evelyn 47058 Wintgens- 120
– Felicitas 47051 Schillerplatz 7
– Frank 47178 Bahnhof- 242
– Frank 47228 In der Klanklang 13
– Frank 47137 Kaiser-Friedrich- 14a
– Fred 47226 Franz-Schubert- 14
– Frieda 47137 Heinrich-Bongers- 35
– Fritz 47249 Allgäuer- 35
– Fritz 47239 An den Wieen 20
– Fritz 47051 Schillerplatz 7
– Gabriele 47249 Arberger- 34
– Gabriele
47167 Kaiser-Friedrich- 255a
– Gabriele 47249 Schwabenweg 7
– Gabriele 47198 Tulpen- 5
– Gaby 47228 Breslauer- 54
– Genoveva 47169 Erlanger- 61
– Georg 47269 Angermunder- 113
– Georg 47169 Erlanger- 61
– Gerd 47178 Goten- 23
– Gerhard 47199 Hubertus- 17
– Gertrud 47057 Bismarck- 11
– Gertrud 47167 Kopernikus- 104
– Gertrud 47179 Auf dem Damm 45
– Gisela 47166 Beecker- 272
– Gisela 47259 Clausthaler- 11
– Gisela 47169 Kaiser-Wilhelm- 16a
– Gisela 47055 Duissern- 6
– Gisela 47051 Steinsche Gasse 27
– Grete 47137 Bronkhorst- 148
– Grete 47198 Prinzen- 119
– Grete 47179 Schul- 130
– Gudrun 47239 Kamin- 60
– Günter 47138 Albrecht- 9
– Günter 47059 Baukamp- 19
– Günter 47169 Egon- 5
– Günter 47055 Flieder- 153
– Günter 47198 Gneisenau- 272
– Günter 47051 Köhnen- 12
– Günter 47137 Nalenz- 8
– Günter 47259 Cochemer- 16
– Günter 47051 Sonnenwall 51
– Günther-Egon
47055 Rheintörchen- 83
– Guido 47259 Kaiserswerther- 219a
– Günter 47269 Am Siepenkothen 16f
– Günter 47057 Bismarck- 144
– Hagen 47239 An den Wieen 46
– Hannelore 47259 Blankenburger- 34
– Hannelore 47249 Bregenzer- 46
– Hannelore 47059 Essenberger- 17
– Hannelore 47137 Nalenz- 8
– Hannelore 47269 Zu den Birken 13
– Hanns 47057 Kammer- 99
Firmen, Gewerbebetriebe usw. nach Namen – siehe gelber Teil	A-DU
